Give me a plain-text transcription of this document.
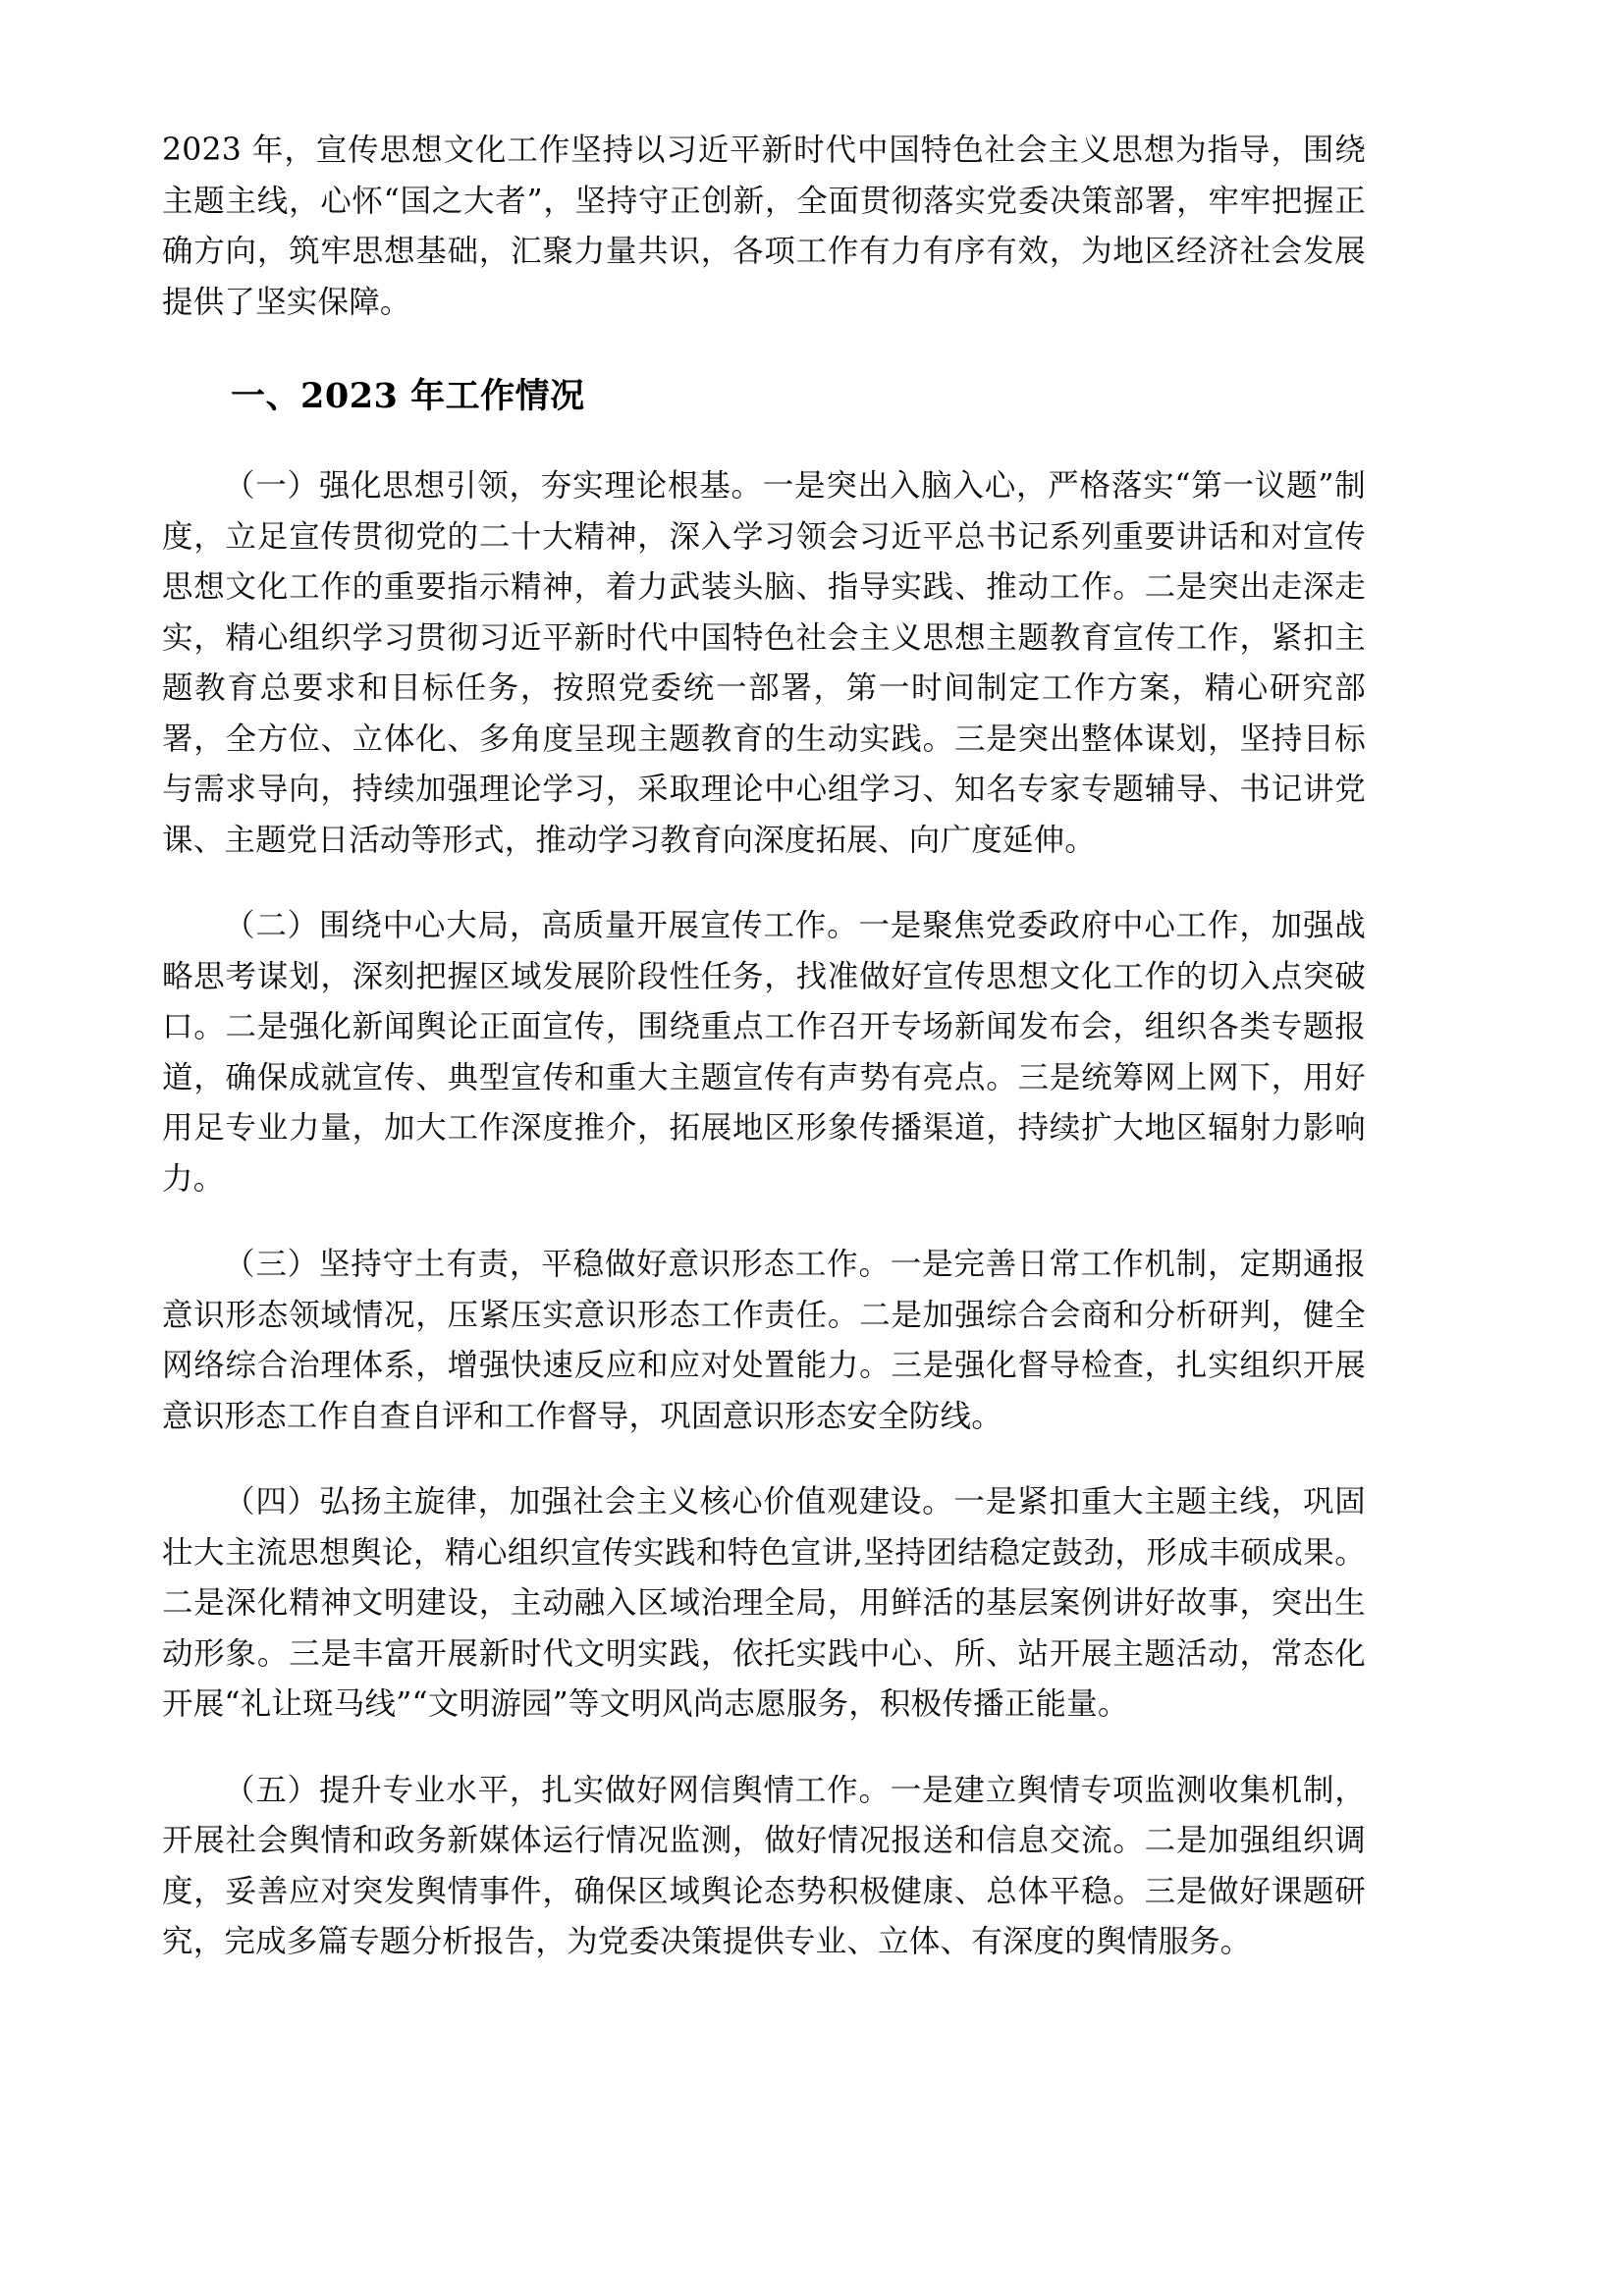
2023 年，宣传思想文化工作坚持以习近平新时代中国特色社会主义思想为指导，围绕主题主线，心怀“国之大者”，坚持守正创新，全面贯彻落实党委决策部署，牢牢把握正确方向，筑牢思想基础，汇聚力量共识，各项工作有力有序有效，为地区经济社会发展提供了坚实保障。

一、2023 年工作情况

（一）强化思想引领，夯实理论根基。一是突出入脑入心，严格落实“第一议题”制度，立足宣传贯彻党的二十大精神，深入学习领会习近平总书记系列重要讲话和对宣传思想文化工作的重要指示精神，着力武装头脑、指导实践、推动工作。二是突出走深走实，精心组织学习贯彻习近平新时代中国特色社会主义思想主题教育宣传工作，紧扣主题教育总要求和目标任务，按照党委统一部署，第一时间制定工作方案，精心研究部署，全方位、立体化、多角度呈现主题教育的生动实践。三是突出整体谋划，坚持目标与需求导向，持续加强理论学习，采取理论中心组学习、知名专家专题辅导、书记讲党课、主题党日活动等形式，推动学习教育向深度拓展、向广度延伸。

（二）围绕中心大局，高质量开展宣传工作。一是聚焦党委政府中心工作，加强战略思考谋划，深刻把握区域发展阶段性任务，找准做好宣传思想文化工作的切入点突破口。二是强化新闻舆论正面宣传，围绕重点工作召开专场新闻发布会，组织各类专题报道，确保成就宣传、典型宣传和重大主题宣传有声势有亮点。三是统筹网上网下，用好用足专业力量，加大工作深度推介，拓展地区形象传播渠道，持续扩大地区辐射力影响力。

（三）坚持守土有责，平稳做好意识形态工作。一是完善日常工作机制，定期通报意识形态领域情况，压紧压实意识形态工作责任。二是加强综合会商和分析研判，健全网络综合治理体系，增强快速反应和应对处置能力。三是强化督导检查，扎实组织开展意识形态工作自查自评和工作督导，巩固意识形态安全防线。

（四）弘扬主旋律，加强社会主义核心价值观建设。一是紧扣重大主题主线，巩固壮大主流思想舆论，精心组织宣传实践和特色宣讲,坚持团结稳定鼓劲，形成丰硕成果。二是深化精神文明建设，主动融入区域治理全局，用鲜活的基层案例讲好故事，突出生动形象。三是丰富开展新时代文明实践，依托实践中心、所、站开展主题活动，常态化开展“礼让斑马线”“文明游园”等文明风尚志愿服务，积极传播正能量。

（五）提升专业水平，扎实做好网信舆情工作。一是建立舆情专项监测收集机制，开展社会舆情和政务新媒体运行情况监测，做好情况报送和信息交流。二是加强组织调度，妥善应对突发舆情事件，确保区域舆论态势积极健康、总体平稳。三是做好课题研究，完成多篇专题分析报告，为党委决策提供专业、立体、有深度的舆情服务。
